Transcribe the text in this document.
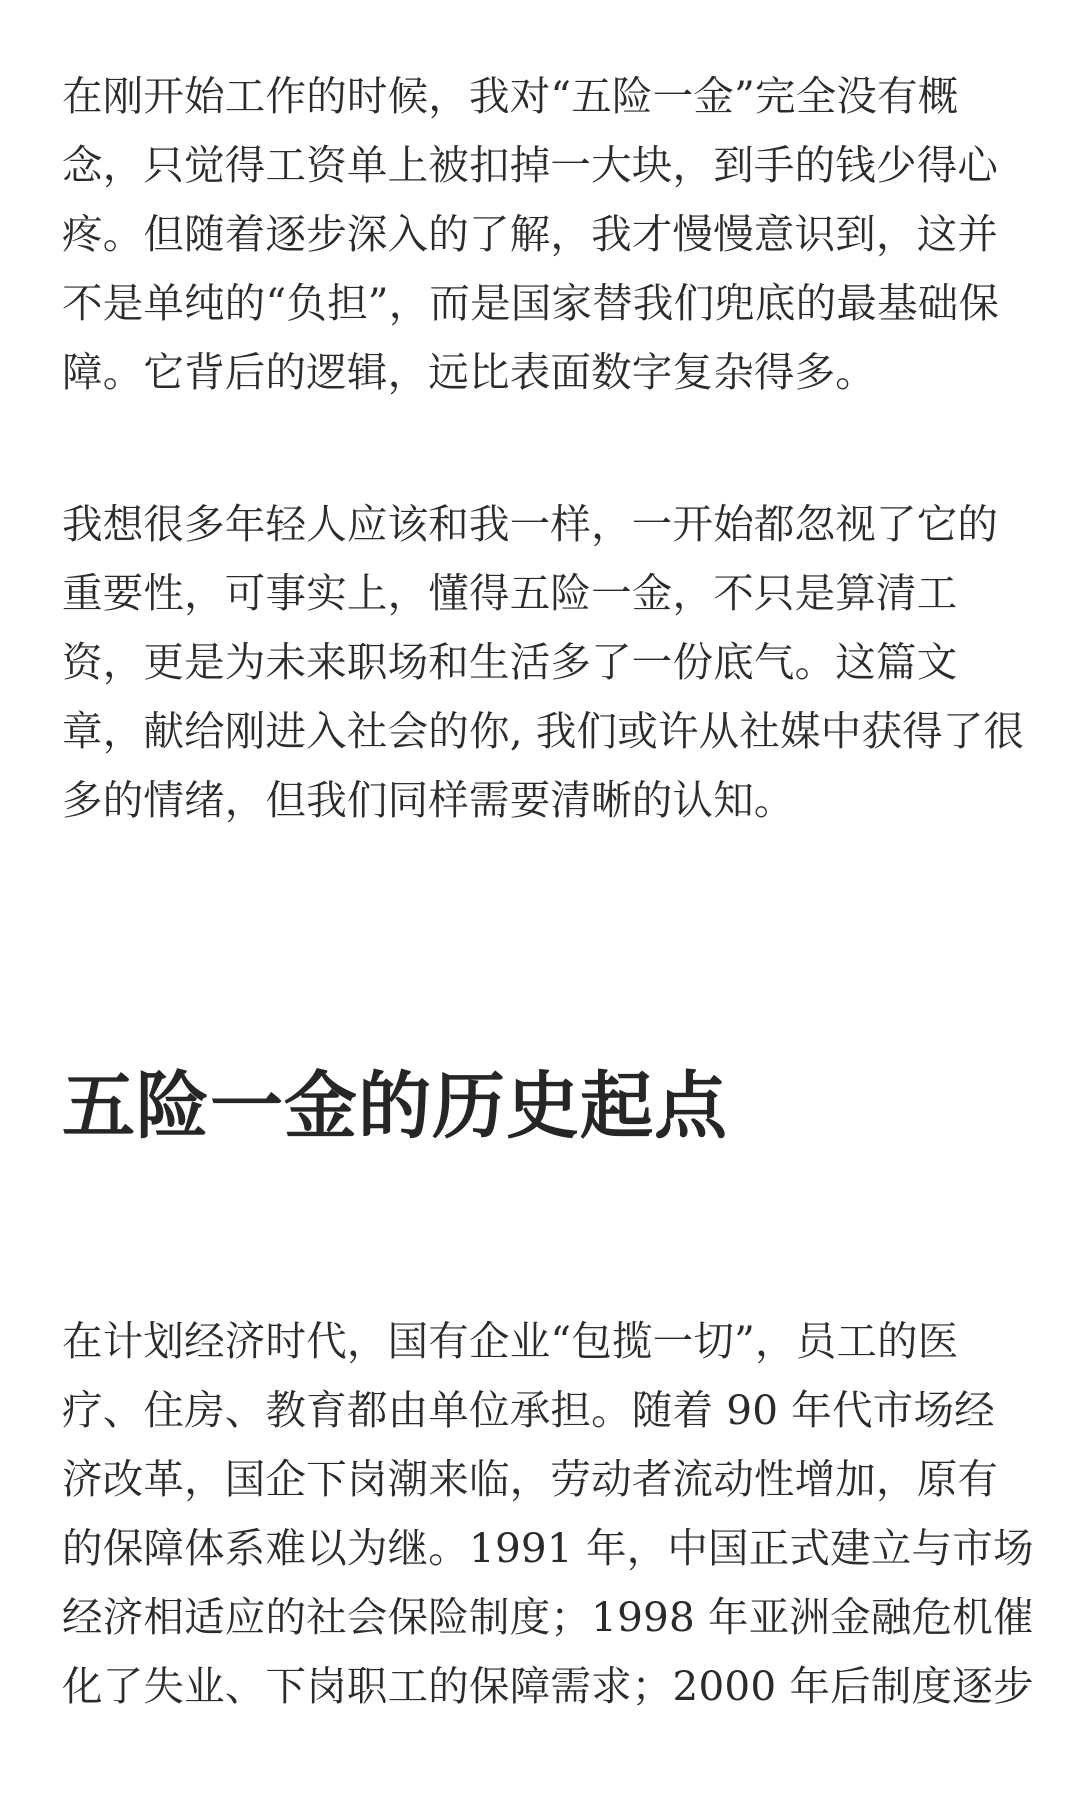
在刚开始工作的时候，我对“五险一金”完全没有概念，只觉得工资单上被扣掉一大块，到手的钱少得心疼。但随着逐步深入的了解，我才慢慢意识到，这并不是单纯的“负担”，而是国家替我们兜底的最基础保障。它背后的逻辑，远比表面数字复杂得多。

我想很多年轻人应该和我一样，一开始都忽视了它的重要性，可事实上，懂得五险一金，不只是算清工资，更是为未来职场和生活多了一份底气。这篇文章，献给刚进入社会的你, 我们或许从社媒中获得了很多的情绪，但我们同样需要清晰的认知。

五险一金的历史起点

在计划经济时代，国有企业“包揽一切”，员工的医疗、住房、教育都由单位承担。随着 90 年代市场经济改革，国企下岗潮来临，劳动者流动性增加，原有的保障体系难以为继。1991 年，中国正式建立与市场经济相适应的社会保险制度；1998 年亚洲金融危机催化了失业、下岗职工的保障需求；2000 年后制度逐步
